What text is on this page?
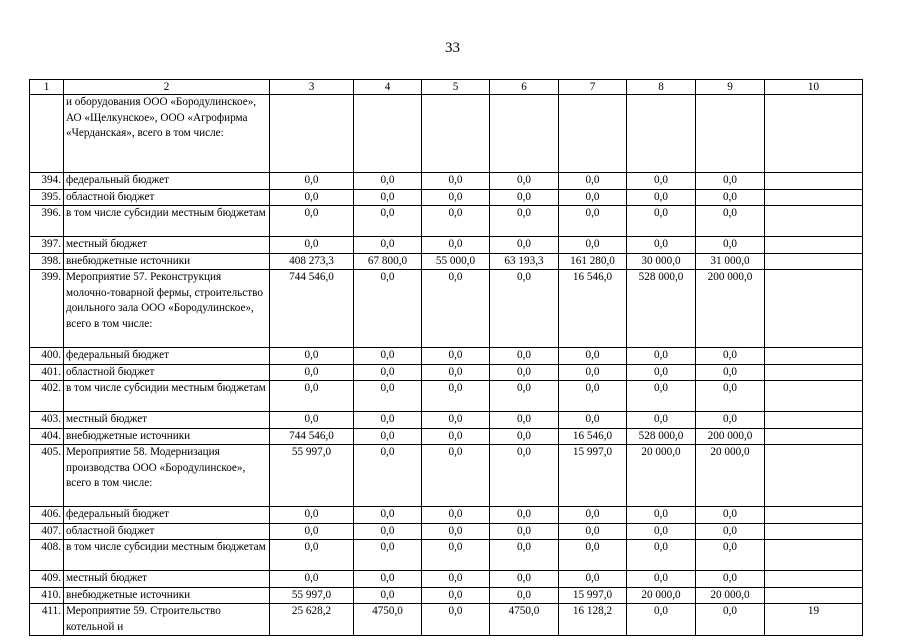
33
1	2	3	4	5	6	7	8	9	10
	и оборудования ООО «Бородулинское», АО «Щелкунское», ООО «Агрофирма «Черданская», всего в том числе:								
394.	федеральный бюджет	0,0	0,0	0,0	0,0	0,0	0,0	0,0	
395.	областной бюджет	0,0	0,0	0,0	0,0	0,0	0,0	0,0	
396.	в том числе субсидии местным бюджетам	0,0	0,0	0,0	0,0	0,0	0,0	0,0	
397.	местный бюджет	0,0	0,0	0,0	0,0	0,0	0,0	0,0	
398.	внебюджетные источники	408 273,3	67 800,0	55 000,0	63 193,3	161 280,0	30 000,0	31 000,0	
399.	Мероприятие 57. Реконструкция молочно-товарной фермы, строительство доильного зала ООО «Бородулинское», всего в том числе:	744 546,0	0,0	0,0	0,0	16 546,0	528 000,0	200 000,0	
400.	федеральный бюджет	0,0	0,0	0,0	0,0	0,0	0,0	0,0	
401.	областной бюджет	0,0	0,0	0,0	0,0	0,0	0,0	0,0	
402.	в том числе субсидии местным бюджетам	0,0	0,0	0,0	0,0	0,0	0,0	0,0	
403.	местный бюджет	0,0	0,0	0,0	0,0	0,0	0,0	0,0	
404.	внебюджетные источники	744 546,0	0,0	0,0	0,0	16 546,0	528 000,0	200 000,0	
405.	Мероприятие 58. Модернизация производства ООО «Бородулинское», всего в том числе:	55 997,0	0,0	0,0	0,0	15 997,0	20 000,0	20 000,0	
406.	федеральный бюджет	0,0	0,0	0,0	0,0	0,0	0,0	0,0	
407.	областной бюджет	0,0	0,0	0,0	0,0	0,0	0,0	0,0	
408.	в том числе субсидии местным бюджетам	0,0	0,0	0,0	0,0	0,0	0,0	0,0	
409.	местный бюджет	0,0	0,0	0,0	0,0	0,0	0,0	0,0	
410.	внебюджетные источники	55 997,0	0,0	0,0	0,0	15 997,0	20 000,0	20 000,0	
411.	Мероприятие 59. Строительство котельной и	25 628,2	4750,0	0,0	4750,0	16 128,2	0,0	0,0	19
